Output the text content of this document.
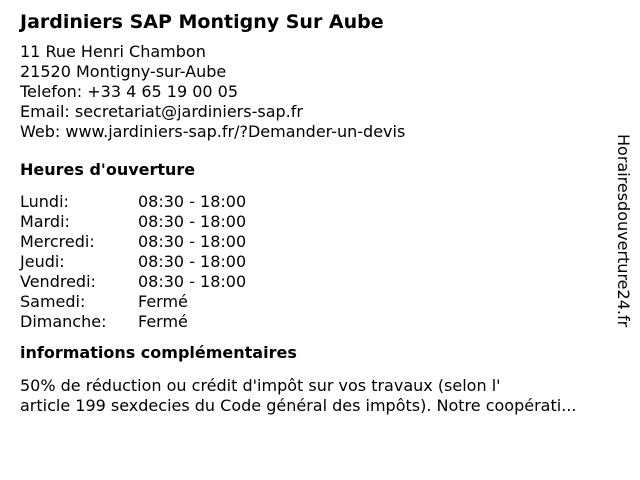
Jardiniers SAP Montigny Sur Aube
11 Rue Henri Chambon
21520 Montigny-sur-Aube
Telefon: +33 4 65 19 00 05
Email: secretariat@jardiniers-sap.fr
Web: www.jardiniers-sap.fr/?Demander-un-devis
Heures d'ouverture
Lundi:	08:30 - 18:00
Mardi:	08:30 - 18:00
Mercredi:	08:30 - 18:00
Jeudi:	08:30 - 18:00
Vendredi:	08:30 - 18:00
Samedi:	Fermé
Dimanche:	Fermé
informations complémentaires
50% de réduction ou crédit d'impôt sur vos travaux (selon l'
article 199 sexdecies du Code général des impôts). Notre coopérati...
Horairesdouverture24.fr
